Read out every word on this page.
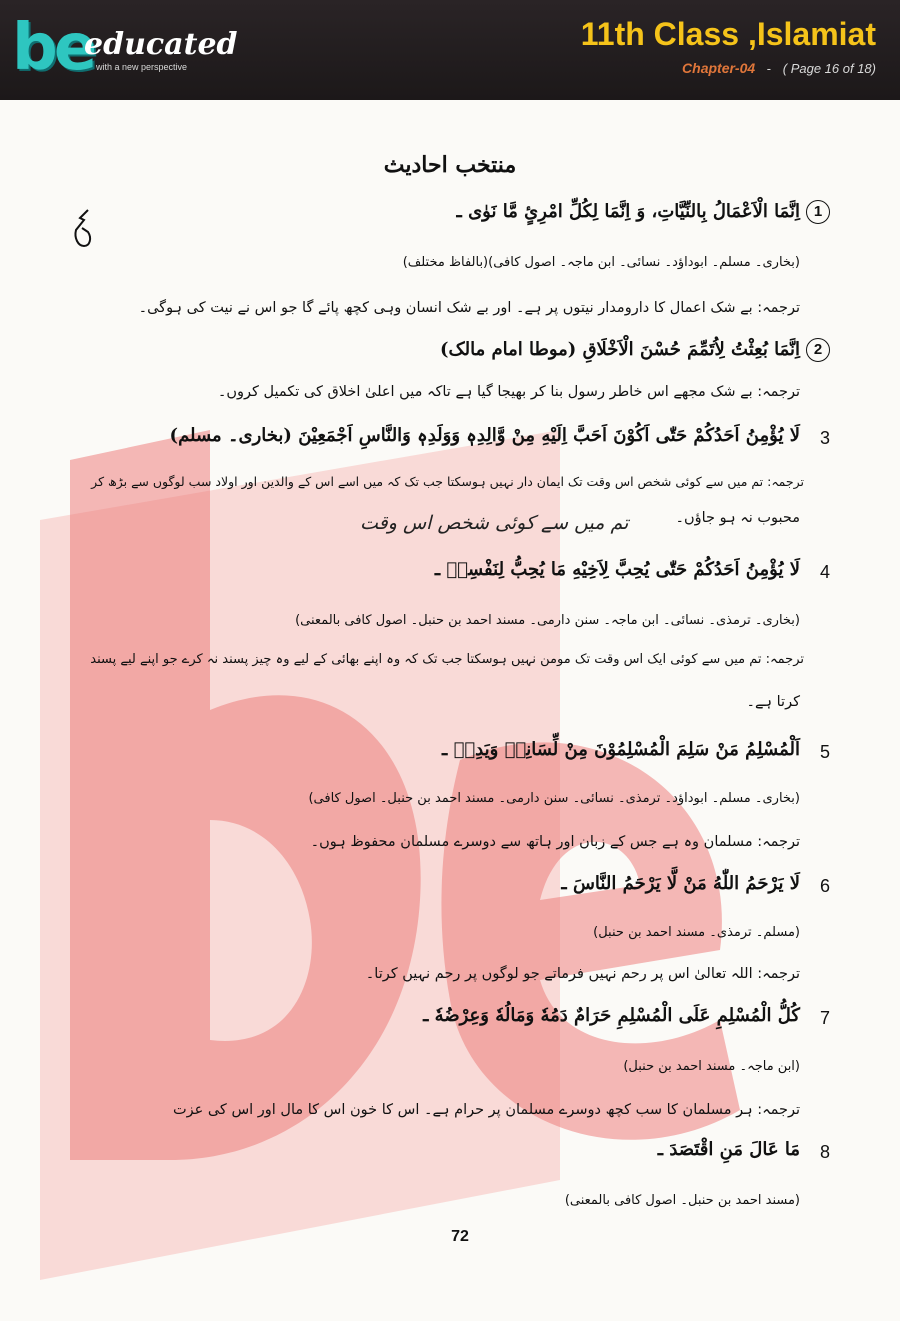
be
educated
with a new perspective
11th Class ,Islamiat
Chapter-04 - ( Page 16 of 18)
منتخب احادیث
1
اِنَّمَا الْاَعْمَالُ بِالنِّيَّاتِ، وَ اِنَّمَا لِكُلِّ امْرِئٍ مَّا نَوٰى ـ
(بخاری۔ مسلم۔ ابوداؤد۔ نسائی۔ ابن ماجہ۔ اصول کافی)(بالفاظ مختلف)
ترجمہ: بے شک اعمال کا دارومدار نیتوں پر ہے۔ اور بے شک انسان وہی کچھ پائے گا جو اس نے نیت کی ہوگی۔
2
اِنَّمَا بُعِثْتُ لِاُتَمِّمَ حُسْنَ الْاَخْلَاقِ (موطا امام مالک)
ترجمہ: بے شک مجھے اس خاطر رسول بنا کر بھیجا گیا ہے تاکہ میں اعلیٰ اخلاق کی تکمیل کروں۔
3
لَا يُؤْمِنُ اَحَدُكُمْ حَتّٰى اَكُوْنَ اَحَبَّ اِلَيْهِ مِنْ وَّالِدِهٖ وَوَلَدِهٖ وَالنَّاسِ اَجْمَعِيْنَ (بخاری۔ مسلم)
ترجمہ: تم میں سے کوئی شخص اس وقت تک ایمان دار نہیں ہوسکتا جب تک کہ میں اسے اس کے والدین اور اولاد سب لوگوں سے بڑھ کر
محبوب نہ ہو جاؤں۔
تم میں سے کوئی شخص اس وقت
4
لَا يُؤْمِنُ اَحَدُكُمْ حَتّٰى يُحِبَّ لِاَخِيْهِ مَا يُحِبُّ لِنَفْسِهٖ ـ
(بخاری۔ ترمذی۔ نسائی۔ ابن ماجہ۔ سنن دارمی۔ مسند احمد بن حنبل۔ اصول کافی بالمعنی)
ترجمہ: تم میں سے کوئی ایک اس وقت تک مومن نہیں ہوسکتا جب تک کہ وہ اپنے بھائی کے لیے وہ چیز پسند نہ کرے جو اپنے لیے پسند
کرتا ہے۔
5
اَلْمُسْلِمُ مَنْ سَلِمَ الْمُسْلِمُوْنَ مِنْ لِّسَانِهٖ وَيَدِهٖ ـ
(بخاری۔ مسلم۔ ابوداؤد۔ ترمذی۔ نسائی۔ سنن دارمی۔ مسند احمد بن حنبل۔ اصول کافی)
ترجمہ: مسلمان وہ ہے جس کے زبان اور ہاتھ سے دوسرے مسلمان محفوظ ہوں۔
6
لَا يَرْحَمُ اللّٰهُ مَنْ لَّا يَرْحَمُ النَّاسَ ـ
(مسلم۔ ترمذی۔ مسند احمد بن حنبل)
ترجمہ: اللہ تعالیٰ اس پر رحم نہیں فرماتے جو لوگوں پر رحم نہیں کرتا۔
7
كُلُّ الْمُسْلِمِ عَلَى الْمُسْلِمِ حَرَامٌ دَمُهٗ وَمَالُهٗ وَعِرْضُهٗ ـ
(ابن ماجہ۔ مسند احمد بن حنبل)
ترجمہ: ہر مسلمان کا سب کچھ دوسرے مسلمان پر حرام ہے۔ اس کا خون اس کا مال اور اس کی عزت
8
مَا عَالَ مَنِ اقْتَصَدَ ـ
(مسند احمد بن حنبل۔ اصول کافی بالمعنی)
72
